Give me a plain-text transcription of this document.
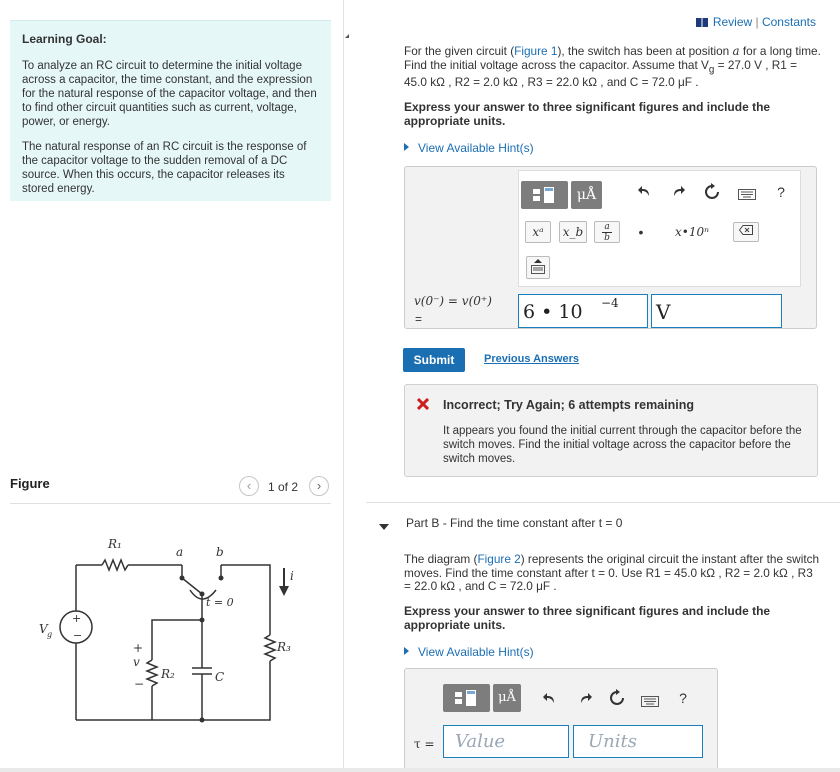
Learning Goal:

To analyze an RC circuit to determine the initial voltage across a capacitor, the time constant, and the expression for the natural response of the capacitor voltage, and then to find other circuit quantities such as current, voltage, power, or energy.

The natural response of an RC circuit is the response of the capacitor voltage to the sudden removal of a DC source. When this occurs, the capacitor releases its stored energy.

Review | Constants
For the given circuit (Figure 1), the switch has been at position a for a long time. Find the initial voltage across the capacitor. Assume that $V_g = 27.0$ V , R1 = 45.0 kΩ , R2 = 2.0 kΩ , R3 = 22.0 kΩ , and C = 72.0 μF .
Express your answer to three significant figures and include the appropriate units.
View Available Hint(s)
μÅ	?
xᵃ	x_b	a
b	•	x•10ⁿ
v(0⁻) = v(0⁺)
=	6 • 10 −4 V
Submit	Previous Answers
Incorrect; Try Again; 6 attempts remaining
It appears you found the initial current through the capacitor before the switch moves. Find the initial voltage across the capacitor before the switch moves.
Figure	‹	1 of 2	›
R₁
a	b
t = 0
i
R₃
R₂	C
V g
v
+
−
+
−
Part B - Find the time constant after t = 0
The diagram (Figure 2) represents the original circuit the instant after the switch moves. Find the time constant after t = 0. Use R1 = 45.0 kΩ , R2 = 2.0 kΩ , R3 = 22.0 kΩ , and C = 72.0 μF .
Express your answer to three significant figures and include the appropriate units.
View Available Hint(s)
μÅ	?
τ = Value	Units
